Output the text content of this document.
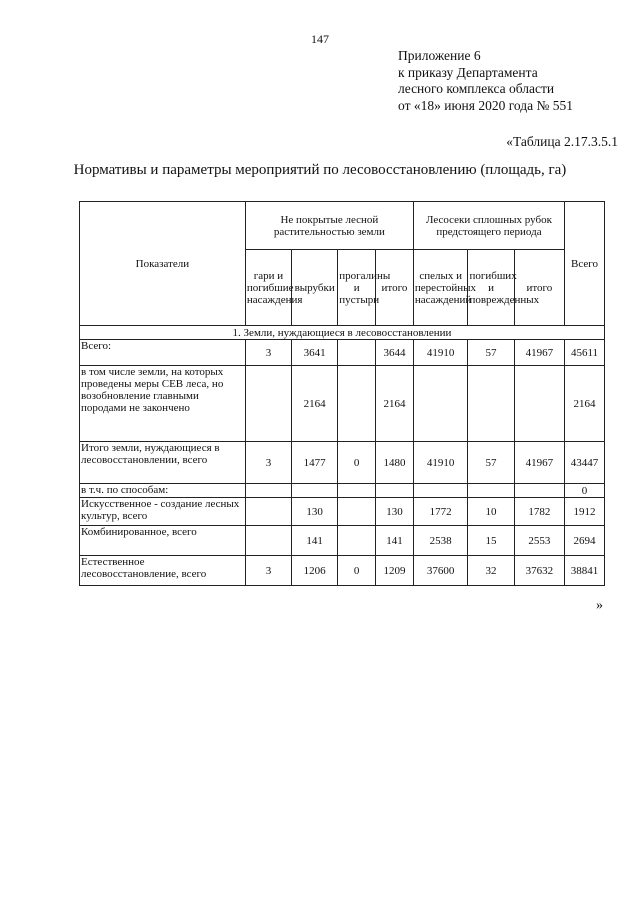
147
Приложение 6
к приказу Департамента
лесного комплекса области
от «18» июня 2020 года № 551
«Таблица 2.17.3.5.1
Нормативы и параметры мероприятий по лесовосстановлению (площадь, га)
Показатели	Не покрытые лесной растительностью земли				Лесосеки сплошных рубок предстоящего периода			Всего
	гари и погибшие насаждения	вырубки	прогалины и пустыри	итого	спелых и перестойных насаждений	погибших и поврежденных	итого	
1. Земли, нуждающиеся в лесовосстановлении								
Всего:	3	3641		3644	41910	57	41967	45611
в том числе земли, на которых проведены меры СЕВ леса, но возобновление главными породами не закончено		2164		2164				2164
Итого земли, нуждающиеся в лесовосстановлении, всего	3	1477	0	1480	41910	57	41967	43447
в т.ч. по способам:								0
Искусственное - создание лесных культур, всего		130		130	1772	10	1782	1912
Комбинированное, всего		141		141	2538	15	2553	2694
Естественное лесовосстановление, всего	3	1206	0	1209	37600	32	37632	38841
»
